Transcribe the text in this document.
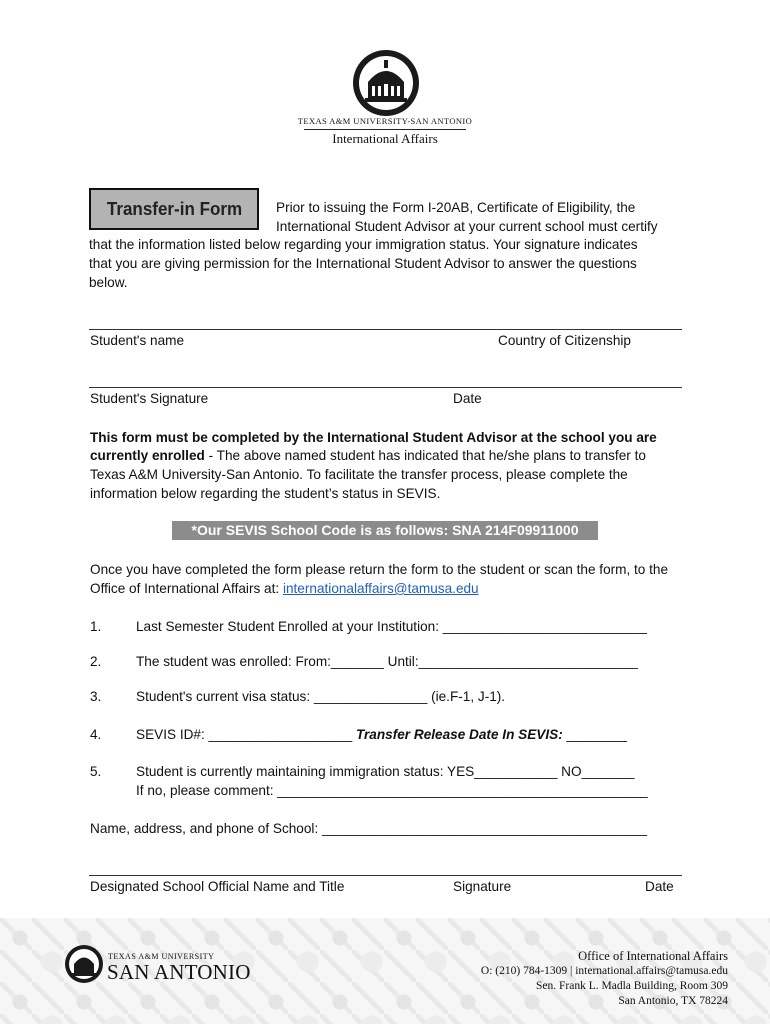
TEXAS A&M UNIVERSITY-SAN ANTONIO
International Affairs
Transfer-in Form	Prior to issuing the Form I-20AB, Certificate of Eligibility, the
International Student Advisor at your current school must certify
that the information listed below regarding your immigration status. Your signature indicates
that you are giving permission for the International Student Advisor to answer the questions
below.
Student's name	Country of Citizenship
Student's Signature	Date
This form must be completed by the International Student Advisor at the school you are
currently enrolled - The above named student has indicated that he/she plans to transfer to
Texas A&M University-San Antonio. To facilitate the transfer process, please complete the
information below regarding the student’s status in SEVIS.
*Our SEVIS School Code is as follows: SNA 214F09911000
Once you have completed the form please return the form to the student or scan the form, to the
Office of International Affairs at: internationalaffairs@tamusa.edu
1.	Last Semester Student Enrolled at your Institution: ___________________________
2.	The student was enrolled: From:_______ Until:_____________________________
3.	Student's current visa status: _______________ (ie.F-1, J-1).
4.	SEVIS ID#: ___________________ Transfer Release Date In SEVIS: ________
5.	Student is currently maintaining immigration status: YES___________ NO_______
If no, please comment: _________________________________________________
Name, address, and phone of School: ___________________________________________
Designated School Official Name and Title	Signature	Date
TEXAS A&M UNIVERSITY
SAN ANTONIO
Office of International Affairs
O: (210) 784-1309 | international.affairs@tamusa.edu
Sen. Frank L. Madla Building, Room 309
San Antonio, TX 78224
